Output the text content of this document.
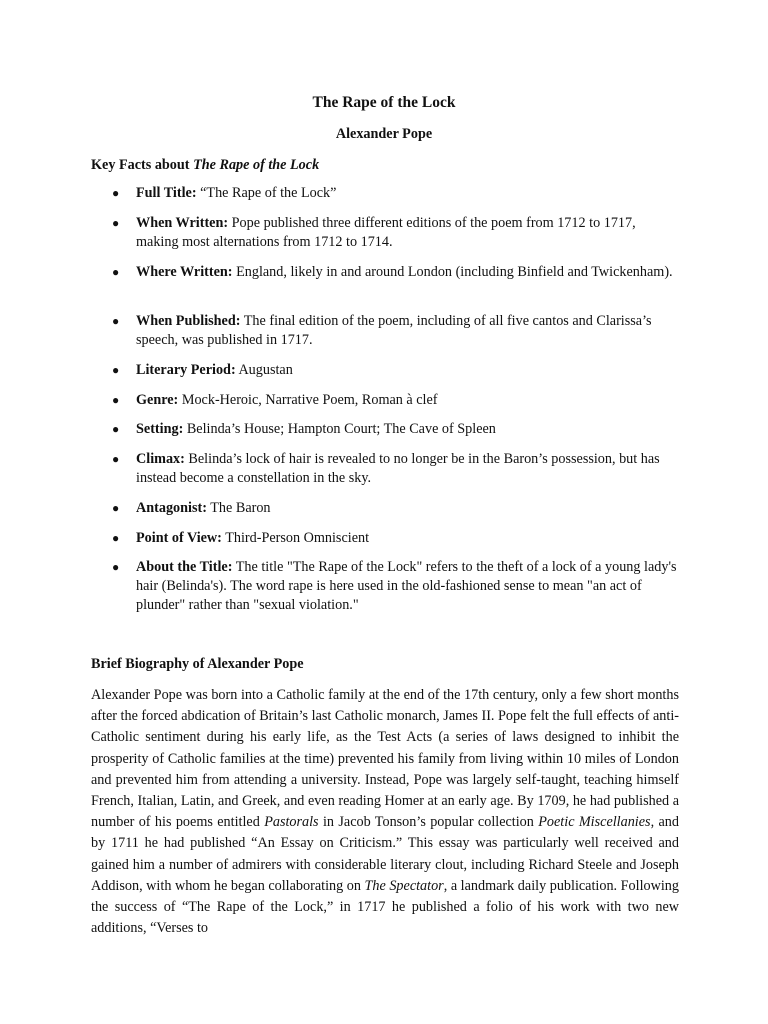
The Rape of the Lock
Alexander Pope
Key Facts about The Rape of the Lock
● Full Title: “The Rape of the Lock”
● When Written: Pope published three different editions of the poem from 1712 to 1717, making most alternations from 1712 to 1714.
● Where Written: England, likely in and around London (including Binfield and Twickenham).
● When Published: The final edition of the poem, including of all five cantos and Clarissa’s speech, was published in 1717.
● Literary Period: Augustan
● Genre: Mock-Heroic, Narrative Poem, Roman à clef
● Setting: Belinda’s House; Hampton Court; The Cave of Spleen
● Climax: Belinda’s lock of hair is revealed to no longer be in the Baron’s possession, but has instead become a constellation in the sky.
● Antagonist: The Baron
● Point of View: Third-Person Omniscient
● About the Title: The title "The Rape of the Lock" refers to the theft of a lock of a young lady's hair (Belinda's). The word rape is here used in the old-fashioned sense to mean "an act of plunder" rather than "sexual violation."
Brief Biography of Alexander Pope

Alexander Pope was born into a Catholic family at the end of the 17th century, only a few short months after the forced abdication of Britain’s last Catholic monarch, James II. Pope felt the full effects of anti-Catholic sentiment during his early life, as the Test Acts (a series of laws designed to inhibit the prosperity of Catholic families at the time) prevented his family from living within 10 miles of London and prevented him from attending a university. Instead, Pope was largely self-taught, teaching himself French, Italian, Latin, and Greek, and even reading Homer at an early age. By 1709, he had published a number of his poems entitled Pastorals in Jacob Tonson’s popular collection Poetic Miscellanies, and by 1711 he had published “An Essay on Criticism.” This essay was particularly well received and gained him a number of admirers with considerable literary clout, including Richard Steele and Joseph Addison, with whom he began collaborating on The Spectator, a landmark daily publication. Following the success of “The Rape of the Lock,” in 1717 he published a folio of his work with two new additions, “Verses to
